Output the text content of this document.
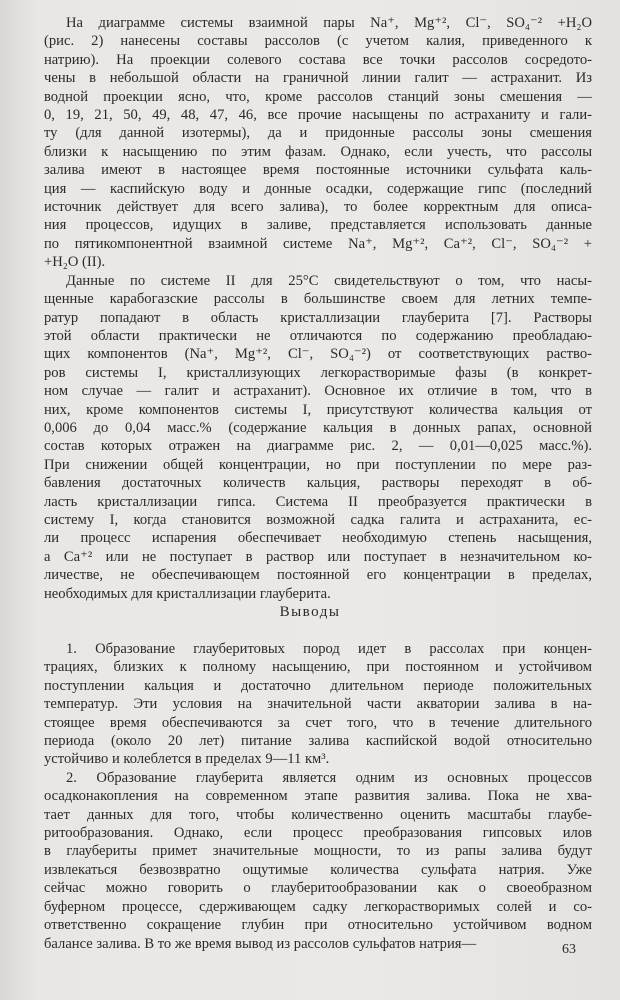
На диаграмме системы взаимной пары Na⁺, Mg⁺², Cl⁻, SO₄⁻² +H₂O
(рис. 2) нанесены составы рассолов (с учетом калия, приведенного к
натрию). На проекции солевого состава все точки рассолов сосредото-
чены в небольшой области на граничной линии галит — астраханит. Из
водной проекции ясно, что, кроме рассолов станций зоны смешения —
0, 19, 21, 50, 49, 48, 47, 46, все прочие насыщены по астраханиту и гали-
ту (для данной изотермы), да и придонные рассолы зоны смешения
близки к насыщению по этим фазам. Однако, если учесть, что рассолы
залива имеют в настоящее время постоянные источники сульфата каль-
ция — каспийскую воду и донные осадки, содержащие гипс (последний
источник действует для всего залива), то более корректным для описа-
ния процессов, идущих в заливе, представляется использовать данные
по пятикомпонентной взаимной системе Na⁺, Mg⁺², Ca⁺², Cl⁻, SO₄⁻² +
+H₂O (II).
Данные по системе II для 25°С свидетельствуют о том, что насы-
щенные карабогазские рассолы в большинстве своем для летних темпе-
ратур попадают в область кристаллизации глауберита [7]. Растворы
этой области практически не отличаются по содержанию преобладаю-
щих компонентов (Na⁺, Mg⁺², Cl⁻, SO₄⁻²) от соответствующих раство-
ров системы I, кристаллизующих легкорастворимые фазы (в конкрет-
ном случае — галит и астраханит). Основное их отличие в том, что в
них, кроме компонентов системы I, присутствуют количества кальция от
0,006 до 0,04 масс.% (содержание кальция в донных рапах, основной
состав которых отражен на диаграмме рис. 2, — 0,01—0,025 масс.%).
При снижении общей концентрации, но при поступлении по мере раз-
бавления достаточных количеств кальция, растворы переходят в об-
ласть кристаллизации гипса. Система II преобразуется практически в
систему I, когда становится возможной садка галита и астраханита, ес-
ли процесс испарения обеспечивает необходимую степень насыщения,
а Са⁺² или не поступает в раствор или поступает в незначительном ко-
личестве, не обеспечивающем постоянной его концентрации в пределах,
необходимых для кристаллизации глауберита.
Выводы
1. Образование глауберитовых пород идет в рассолах при концен-
трациях, близких к полному насыщению, при постоянном и устойчивом
поступлении кальция и достаточно длительном периоде положительных
температур. Эти условия на значительной части акватории залива в на-
стоящее время обеспечиваются за счет того, что в течение длительного
периода (около 20 лет) питание залива каспийской водой относительно
устойчиво и колеблется в пределах 9—11 км³.
2. Образование глауберита является одним из основных процессов
осадконакопления на современном этапе развития залива. Пока не хва-
тает данных для того, чтобы количественно оценить масштабы глаубе-
ритообразования. Однако, если процесс преобразования гипсовых илов
в глаубериты примет значительные мощности, то из рапы залива будут
извлекаться безвозвратно ощутимые количества сульфата натрия. Уже
сейчас можно говорить о глауберитообразовании как о своеобразном
буферном процессе, сдерживающем садку легкорастворимых солей и со-
ответственно сокращение глубин при относительно устойчивом водном
балансе залива. В то же время вывод из рассолов сульфатов натрия—	63
